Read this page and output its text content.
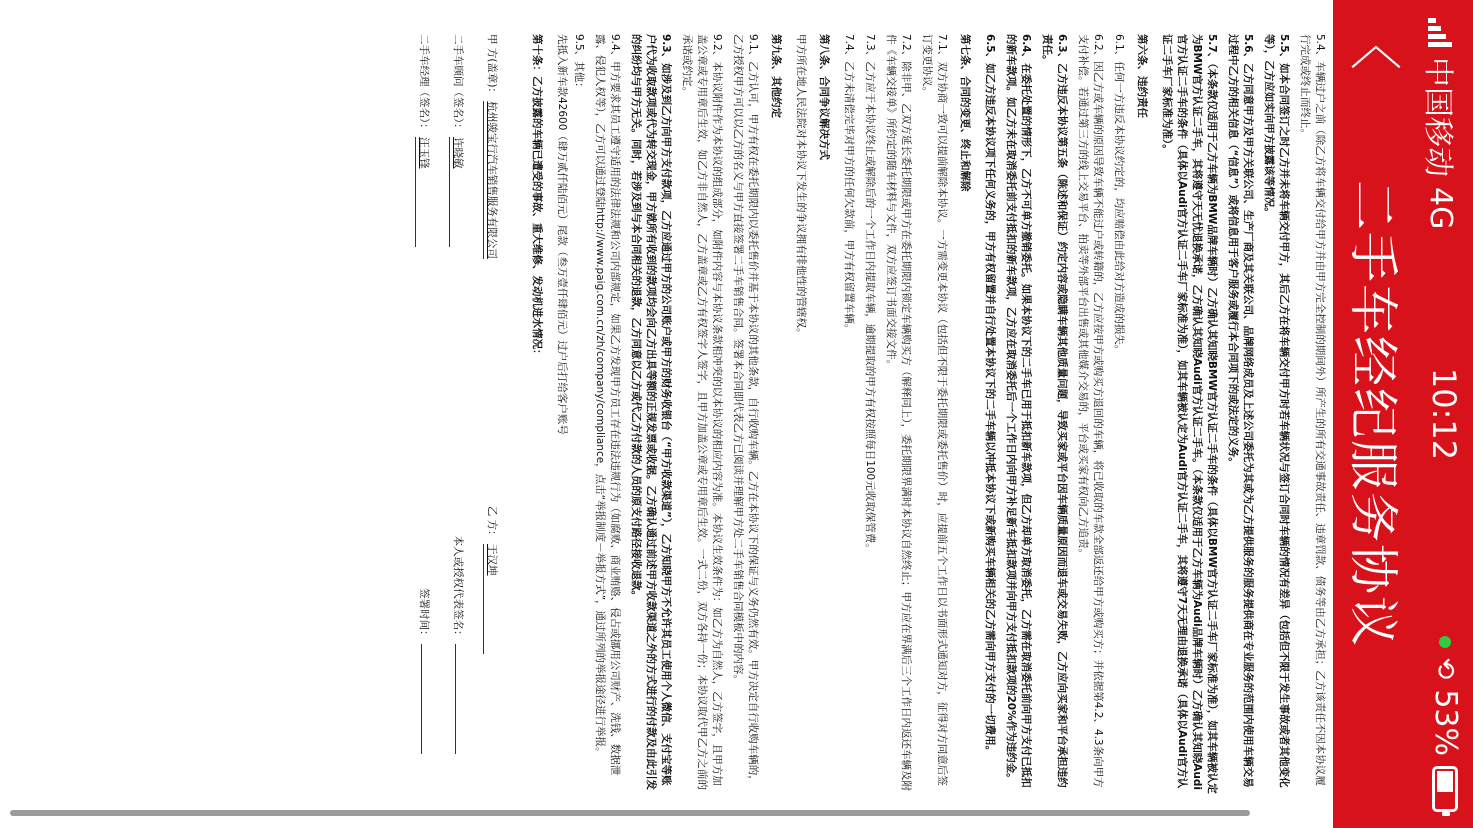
中国移动
4G
10:12
⟲
53%
〈
二手车经纪服务协议

5.4、车辆过户之前（除乙方将车辆交付给甲方并由甲方完全控制的期间外）所产生的所有交通事故责任、违章罚款、债务等由乙方承担；乙方该责任不因本协议履行完成或终止而终止。

5.5、如本合同签订之时乙方并未将车辆交付甲方，其后乙方在将车辆交付甲方时若车辆状况与签订合同时车辆的情况有差异（包括但不限于发生事故或者其他变化等），乙方应如实向甲方披露该等情况。

5.6、乙方同意甲方及甲方关联公司、生产厂商及其关联公司、品牌网络成员及上述公司委托为其或为乙方提供服务的服务提供商在专业服务的范围内使用车辆交易过程中乙方的相关信息（“信息”）或将信息用于客户服务或履行本合同项下的或法定的义务。

5.7、（本条款仅适用于乙方车辆为BMW品牌车辆时）乙方确认其知晓BMW官方认证二手车的条件（具体以BMW官方认证二手车厂家标准为准），如其车辆被认定为BMW官方认证二手车，其将遵守天无忧退换承诺，乙方确认其知晓Audi官方认证二手车。（本条款仅适用于乙方车辆为Audi品牌车辆时）乙方确认其知晓Audi官方认证二手车的条件（具体以Audi官方认证二手车厂家标准为准），如其车辆被认定为Audi官方认证二手车，其将遵守7天无理由退换承诺（具体以Audi官方认证二手车厂家标准为准）。

第六条、违约责任

6.1、任何一方违反本协议约定的，均应赔偿由此给对方造成的损失。

6.2、因乙方或车辆的原因导致车辆不能过户或转籍的，乙方应按甲方或购买方退回的车辆，将已收取的车款全部返还给甲方或购买方；并依据第4.2、4.3条向甲方支付补偿。若通过第三方的线上交易平台、拍卖等外部平台出售或其他媒介交易的，平台或买家有权向乙方追责。

6.3、乙方违反本协议第五条（陈述和保证）约定内容或隐瞒车辆其他质量问题，导致买家或平台因车辆质量原因而退车或交易失败，乙方应向买家和平台承担违约责任。

6.4、在委托处置的情形下，乙方不可单方撤销委托。如果本协议下的二手车已用于抵扣新车款项，但乙方却单方取消委托，乙方需在取消委托前向甲方支付已抵扣的新车款项。如乙方未在取消委托前支付抵扣的新车款项，乙方应在取消委托后一个工作日内向甲方补足新车抵扣款项并向甲方支付抵扣款项的20%作为违约金。

6.5、如乙方违反本协议项下任何义务的，甲方有权留置并自行处置本协议下的二手车辆以冲抵本协议下或新购买车辆相关的乙方需向甲方支付的一切费用。

第七条、合同的变更、终止和解除

7.1、双方协商一致可以提前解除本协议。一方需变更本协议（包括但不限于委托期限或委托售价）时，应提前五个工作日以书面形式通知对方，征得对方同意后签订变更协议。

7.2、除非甲、乙双方延长委托期限或甲方在委托期限内锁定车辆购买方（解释同上），委托期限界满时本协议自然终止；甲方应在界满后三个工作日内返还车辆及附件《车辆交接单》所约定的随车材料与文件，双方应签订书面交接文件。

7.3、乙方应于本协议终止或解除后的一个工作日内提取车辆，逾期提取的甲方有权按照每日100元收取保管费。

7.4、乙方未清偿完毕对甲方的任何欠款前，甲方有权留置车辆。

第八条、合同争议解决方式

甲方所在地人民法院对本协议下发生的争议拥有排他性的管辖权。

第九条、其他约定

9.1、乙方认可，甲方有权在委托期限内以委托售价并基于本协议的其他条款，自行收购车辆。乙方在本协议下的保证与义务仍然有效。甲方决定自行收购车辆的，乙方授权甲方可以以乙方的名义与甲方直接签署二手车销售合同。签署本合同即代表乙方已阅读并理解甲方处二手车销售合同模板中的内容。

9.2、本协议附件作为本协议的组成部分，如附件内容与本协议条款相冲突的以本协议的相应内容为准。本协议生效条件为：如乙方为自然人，乙方签字，且甲方加盖公章或专用章后生效，如乙方非自然人，乙方盖章或乙方有权签字人签字，且甲方加盖公章或专用章后生效。一式二份，双方各持一份；本协议取代甲乙方之前的承诺或约定。

9.3、如涉及到乙方向甲方支付款项，乙方应通过甲方的公司账户或甲方的财务收银台（“甲方收款渠道”），乙方知晓甲方不允许其员工使用个人微信、支付宝等账户代为收取款项或代为转交现金，甲方就所有收到的款项均会向乙方出具等额的正规发票或收据。乙方确认通过前述甲方收款渠道之外的方式进行的付款及由此引发的纠纷均与甲方无关。同时，若涉及到与本合同相关的退款，乙方同意以乙方或代乙方付款的人员的原支付路径接收退款。

9.4、甲方要求其员工遵守适用的法律法规和公司内部规定，如果乙方发现甲方员工存在违法违规行为（如腐败、商业贿赂、侵占或挪用公司财产、洗钱、数据泄露、侵犯人权等），乙方可以通过登陆http://www.paig.com.cn/zh/company/compliance，点击“举报制度－举报方式”，通过所列的举报途径进行举报。

9.5、其他：

先抵入新车款42600（肆万贰仟陆佰元）尾款（叁万壹仟肆佰元）过户后打给客户账号

第十条：乙方披露的车辆已遭受的事故、重大维修、发动机进水情况：

甲 方(盖章)： 杭州骏宝行汽车销售服务有限公司
乙 方： 于汉坤
二手车顾问（签名）： 许晓敏
本人或授权代表签名：
二手车经理（签名）： 汪玉锋
签署时间：
